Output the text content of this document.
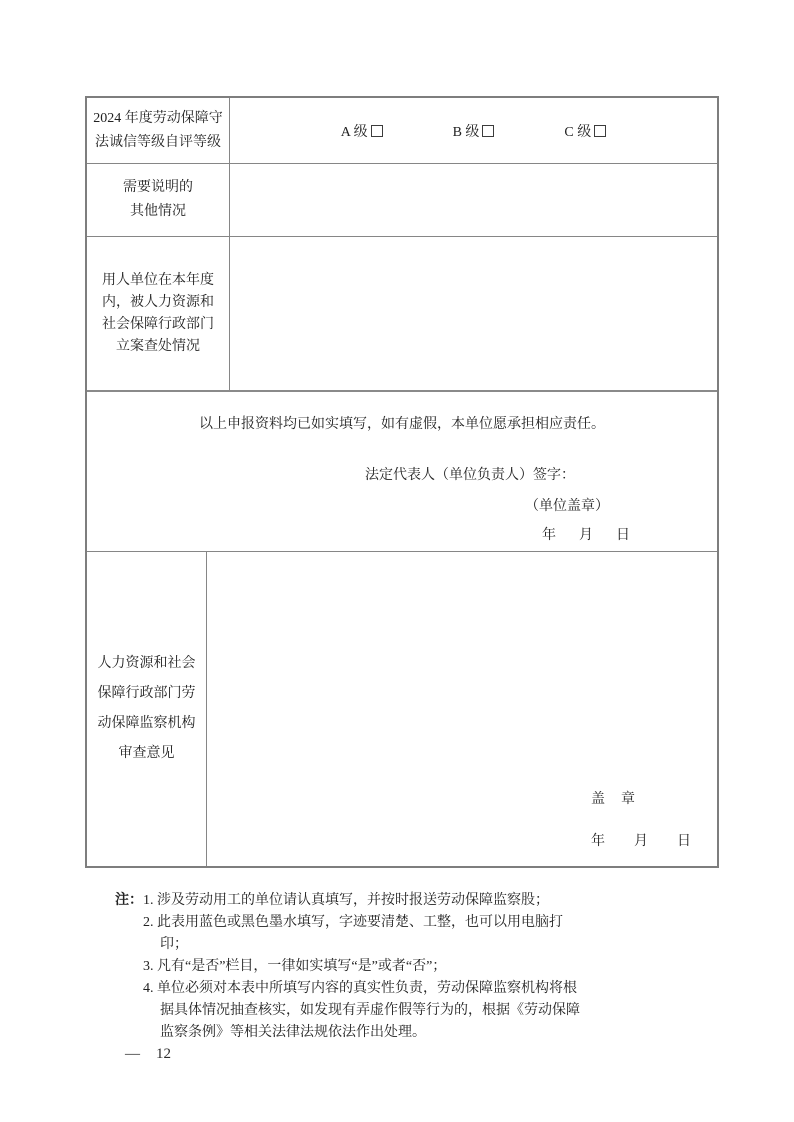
2024 年度劳动保障守
法诚信等级自评等级
A 级	B 级	C 级
需要说明的
其他情况
用人单位在本年度
内，被人力资源和
社会保障行政部门
立案查处情况
以上申报资料均已如实填写，如有虚假，本单位愿承担相应责任。
法定代表人（单位负责人）签字：
（单位盖章）
年 月 日
人力资源和社会
保障行政部门劳
动保障监察机构
审查意见
盖 章
年 月 日
注： 1. 涉及劳动用工的单位请认真填写，并按时报送劳动保障监察股；
2. 此表用蓝色或黑色墨水填写，字迹要清楚、工整，也可以用电脑打印；
3. 凡有“是否”栏目，一律如实填写“是”或者“否”；
4. 单位必须对本表中所填写内容的真实性负责，劳动保障监察机构将根据具体情况抽查核实，如发现有弄虚作假等行为的，根据《劳动保障监察条例》等相关法律法规依法作出处理。
— 12
